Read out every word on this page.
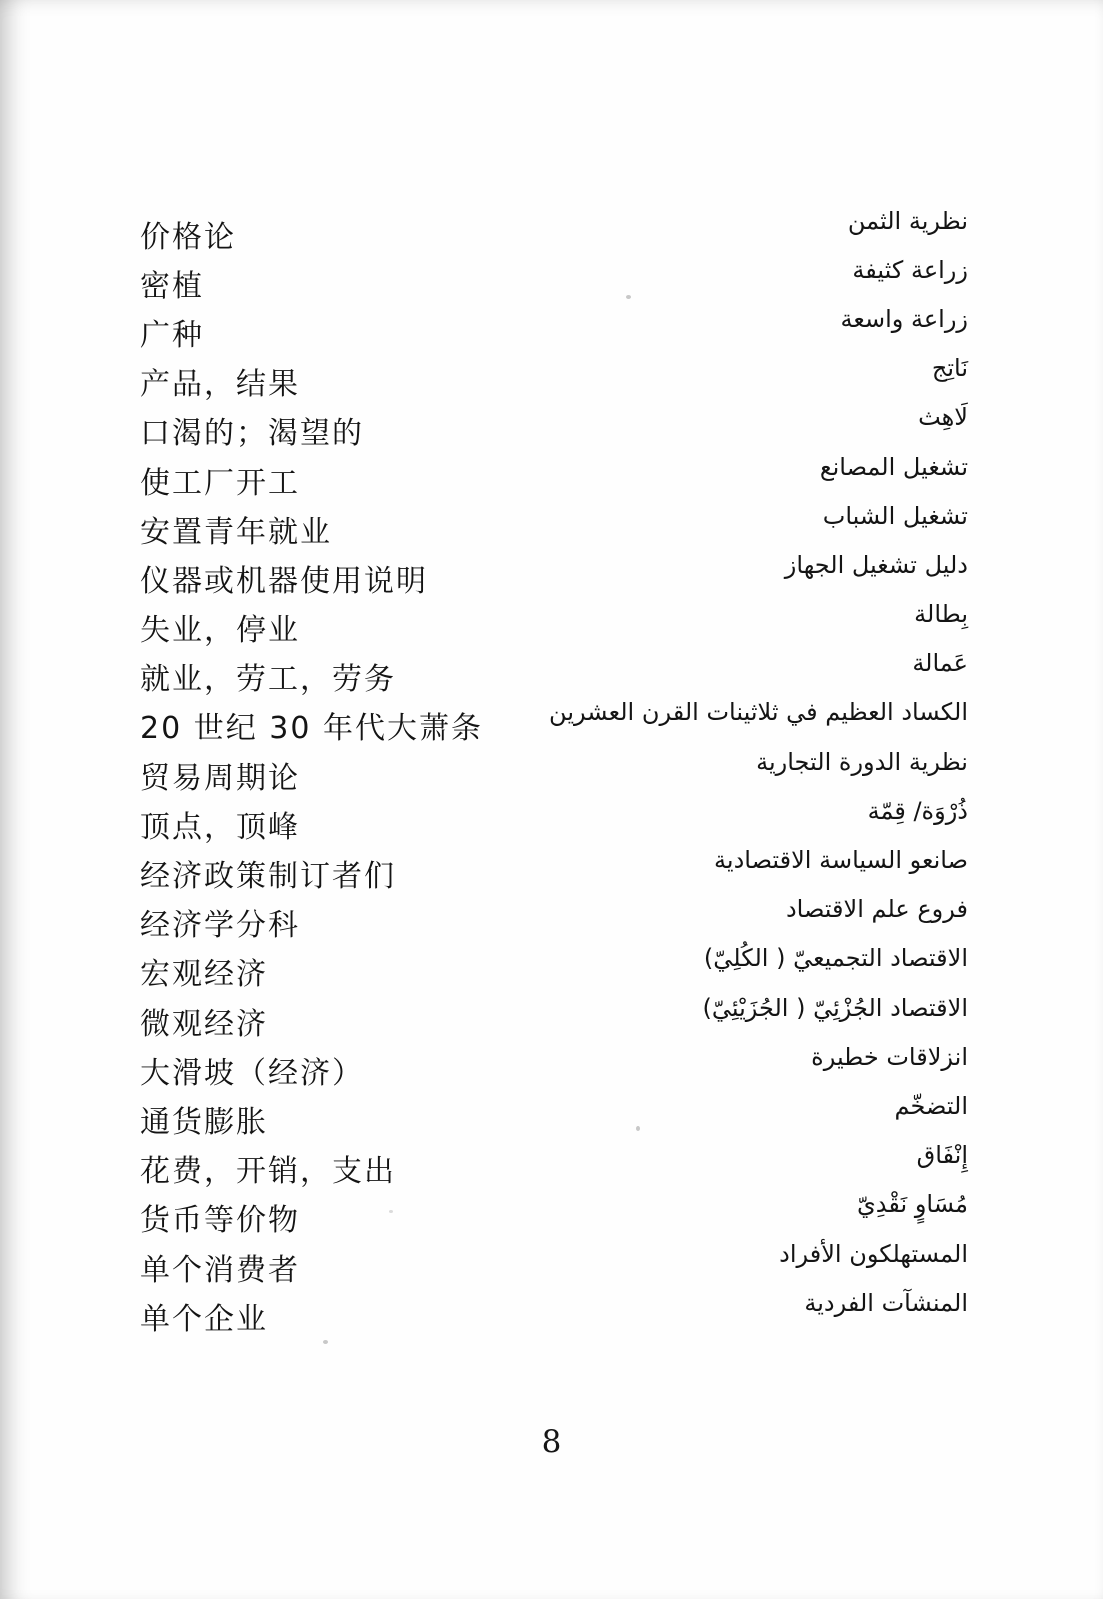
价格论	نظرية الثمن
密植	زراعة كثيفة
广种	زراعة واسعة
产品，结果	نَاتِج
口渴的；渴望的	لَاهِث
使工厂开工	تشغيل المصانع
安置青年就业	تشغيل الشباب
仪器或机器使用说明	دليل تشغيل الجهاز
失业，停业	بِطالة
就业，劳工，劳务	عَمالة
20 世纪 30 年代大萧条	الكساد العظيم في ثلاثينات القرن العشرين
贸易周期论	نظرية الدورة التجارية
顶点，顶峰	ذُرْوَة/ قِمّة
经济政策制订者们	صانعو السياسة الاقتصادية
经济学分科	فروع علم الاقتصاد
宏观经济	الاقتصاد التجميعيّ ( الكُلِيّ)
微观经济	الاقتصاد الجُزْئِيّ ( الجُزَيْئِيّ)
大滑坡（经济）	انزلاقات خطيرة
通货膨胀	التضخّم
花费，开销，支出	إِنْفَاق
货币等价物	مُسَاوٍ نَقْدِيّ
单个消费者	المستهلكون الأفراد
单个企业	المنشآت الفردية
8
